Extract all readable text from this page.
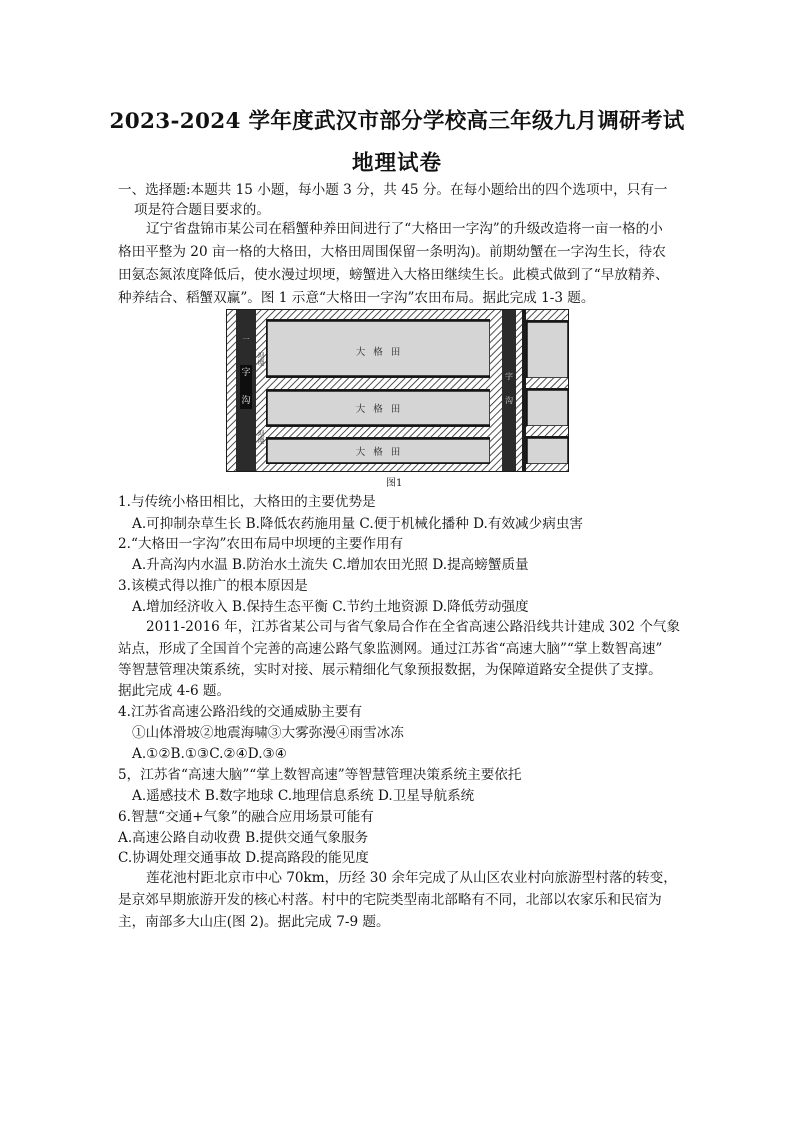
2023-2024 学年度武汉市部分学校高三年级九月调研考试
地理试卷
一、选择题:本题共 15 小题，每小题 3 分，共 45 分。在每小题给出的四个选项中，只有一
项是符合题目要求的。
辽宁省盘锦市某公司在稻蟹种养田间进行了“大格田一字沟”的升级改造将一亩一格的小
格田平整为 20 亩一格的大格田，大格田周围保留一条明沟)。前期幼蟹在一字沟生长，待农
田氨态氮浓度降低后，使水漫过坝埂，螃蟹进入大格田继续生长。此模式做到了“早放精养、
种养结合、稻蟹双赢”。图 1 示意“大格田一字沟”农田布局。据此完成 1-3 题。
一
字
沟
大格田
大格田
大格田
坝埂
坝埂
字
沟
图1
1.与传统小格田相比，大格田的主要优势是
A.可抑制杂草生长 B.降低农药施用量 C.便于机械化播种 D.有效减少病虫害
2.“大格田一字沟”农田布局中坝埂的主要作用有
A.升高沟内水温 B.防治水土流失 C.增加农田光照 D.提高螃蟹质量
3.该模式得以推广的根本原因是
A.增加经济收入 B.保持生态平衡 C.节约土地资源 D.降低劳动强度
2011-2016 年，江苏省某公司与省气象局合作在全省高速公路沿线共计建成 302 个气象
站点，形成了全国首个完善的高速公路气象监测网。通过江苏省“高速大脑”“掌上数智高速”
等智慧管理决策系统，实时对接、展示精细化气象预报数据，为保障道路安全提供了支撑。
据此完成 4-6 题。
4.江苏省高速公路沿线的交通威胁主要有
①山体滑坡②地震海啸③大雾弥漫④雨雪冰冻
A.①②B.①③C.②④D.③④
5，江苏省“高速大脑”“掌上数智高速”等智慧管理决策系统主要依托
A.遥感技术 B.数字地球 C.地理信息系统 D.卫星导航系统
6.智慧“交通+气象”的融合应用场景可能有
A.高速公路自动收费 B.提供交通气象服务
C.协调处理交通事故 D.提高路段的能见度
莲花池村距北京市中心 70km，历经 30 余年完成了从山区农业村向旅游型村落的转变，
是京郊早期旅游开发的核心村落。村中的宅院类型南北部略有不同，北部以农家乐和民宿为
主，南部多大山庄(图 2)。据此完成 7-9 题。
